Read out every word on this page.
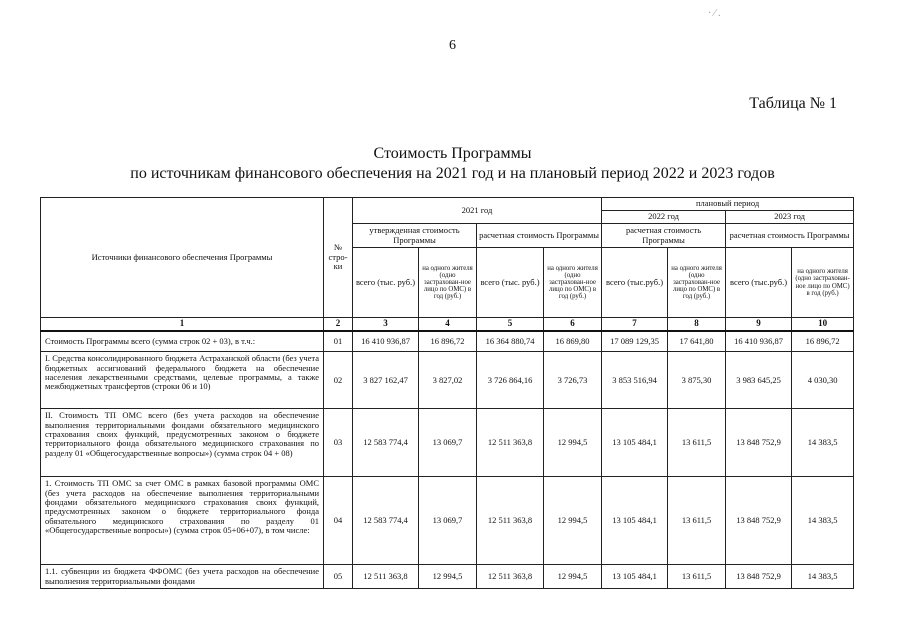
· ⁄ .
6
Таблица № 1
Стоимость Программы
по источникам финансового обеспечения на 2021 год и на плановый период 2022 и 2023 годов
Источники финансового обеспечения Программы	№ стро-ки	2021 год				плановый период			
						2022 год		2023 год	
		утвержденная стоимость Программы		расчетная стоимость Программы		расчетная стоимость Программы		расчетная стоимость Программы	
		всего (тыс. руб.)	на одного жителя (одно застрахован-ное лицо по ОМС) в год (руб.)	всего (тыс. руб.)	на одного жителя (одно застрахован-ное лицо по ОМС) в год (руб.)	всего (тыс.руб.)	на одного жителя (одно застрахован-ное лицо по ОМС) в год (руб.)	всего (тыс.руб.)	на одного жителя (одно застрахован-ное лицо по ОМС) в год (руб.)
1	2	3	4	5	6	7	8	9	10
Стоимость Программы всего (сумма строк 02 + 03), в т.ч.:	01	16 410 936,87	16 896,72	16 364 880,74	16 869,80	17 089 129,35	17 641,80	16 410 936,87	16 896,72
I. Средства консолидированного бюджета Астраханской области (без учета бюджетных ассигнований федерального бюджета на обеспечение населения лекарственными средствами, целевые программы, а также межбюджетных трансфертов (строки 06 и 10)	02	3 827 162,47	3 827,02	3 726 864,16	3 726,73	3 853 516,94	3 875,30	3 983 645,25	4 030,30
II. Стоимость ТП ОМС всего (без учета расходов на обеспечение выполнения территориальными фондами обязательного медицинского страхования своих функций, предусмотренных законом о бюджете территориального фонда обязательного медицинского страхования по разделу 01 «Общегосударственные вопросы») (сумма строк 04 + 08)	03	12 583 774,4	13 069,7	12 511 363,8	12 994,5	13 105 484,1	13 611,5	13 848 752,9	14 383,5
1. Стоимость ТП ОМС за счет ОМС в рамках базовой программы ОМС (без учета расходов на обеспечение выполнения территориальными фондами обязательного медицинского страхования своих функций, предусмотренных законом о бюджете территориального фонда обязательного медицинского страхования по разделу 01 «Общегосударственные вопросы») (сумма строк 05+06+07), в том числе:	04	12 583 774,4	13 069,7	12 511 363,8	12 994,5	13 105 484,1	13 611,5	13 848 752,9	14 383,5
1.1. субвенции из бюджета ФФОМС (без учета расходов на обеспечение выполнения территориальными фондами	05	12 511 363,8	12 994,5	12 511 363,8	12 994,5	13 105 484,1	13 611,5	13 848 752,9	14 383,5
